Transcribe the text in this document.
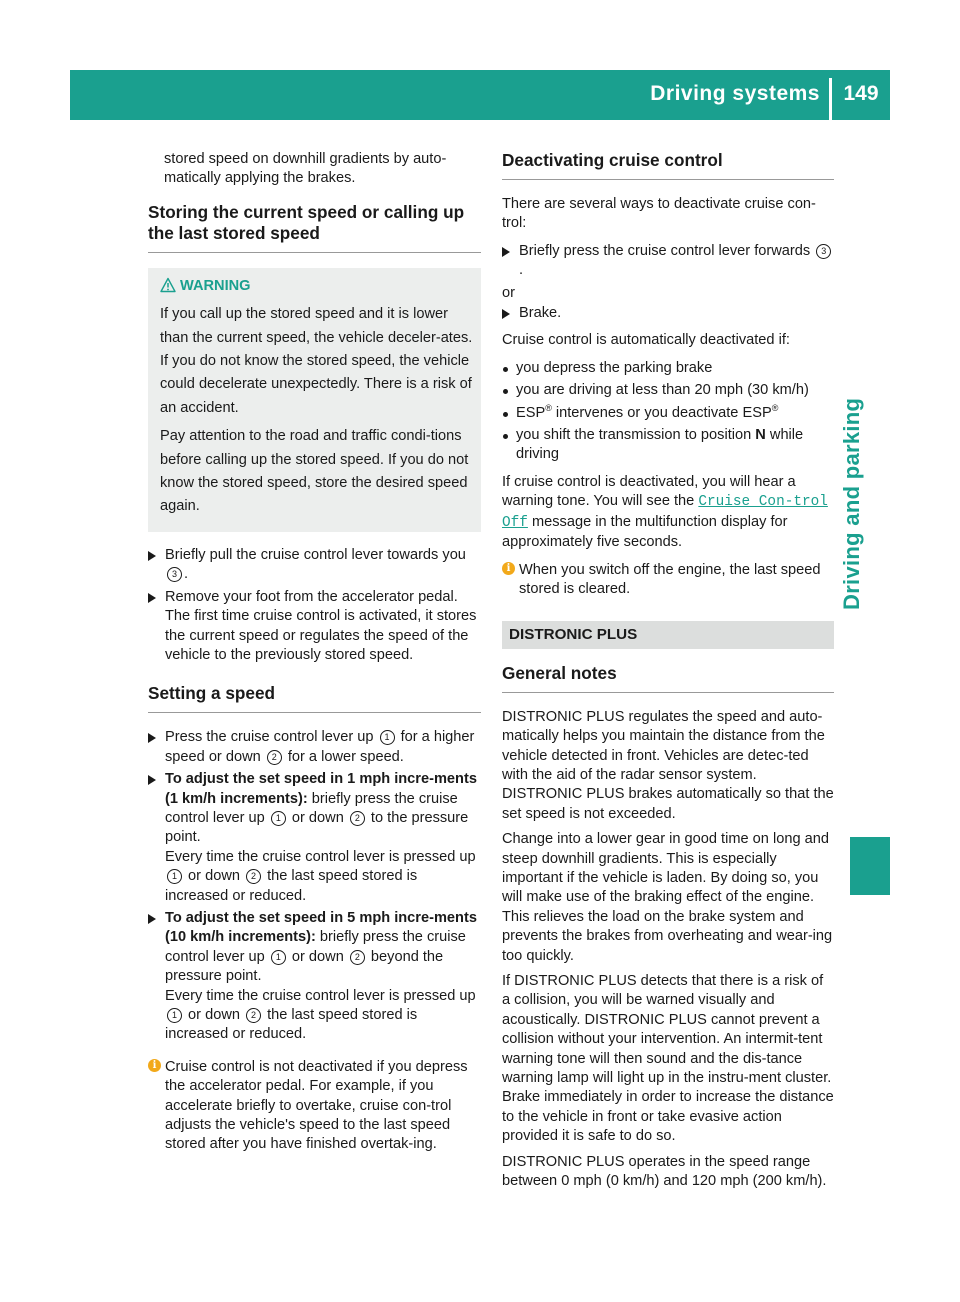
Driving systems	149
Driving and parking

stored speed on downhill gradients by auto-matically applying the brakes.

Storing the current speed or calling up the last stored speed
WARNING

If you call up the stored speed and it is lower than the current speed, the vehicle deceler-ates. If you do not know the stored speed, the vehicle could decelerate unexpectedly. There is a risk of an accident.

Pay attention to the road and traffic condi-tions before calling up the stored speed. If you do not know the stored speed, store the desired speed again.

Briefly pull the cruise control lever towards you 3 .
Remove your foot from the accelerator pedal. The first time cruise control is activated, it stores the current speed or regulates the speed of the vehicle to the previously stored speed.
Setting a speed
Press the cruise control lever up 1 for a higher speed or down 2 for a lower speed.
To adjust the set speed in 1 mph incre-ments (1 km/h increments): briefly press the cruise control lever up 1 or down 2 to the pressure point.
Every time the cruise control lever is pressed up 1 or down 2 the last speed stored is increased or reduced.
To adjust the set speed in 5 mph incre-ments (10 km/h increments): briefly press the cruise control lever up 1 or down 2 beyond the pressure point.
Every time the cruise control lever is pressed up 1 or down 2 the last speed stored is increased or reduced.
i Cruise control is not deactivated if you depress the accelerator pedal. For example, if you accelerate briefly to overtake, cruise con-trol adjusts the vehicle's speed to the last speed stored after you have finished overtak-ing.
Deactivating cruise control

There are several ways to deactivate cruise con-trol:

Briefly press the cruise control lever forwards 3.

or

Brake.

Cruise control is automatically deactivated if:

you depress the parking brake
you are driving at less than 20 mph (30 km/h)
ESP® intervenes or you deactivate ESP®
you shift the transmission to position N while driving

If cruise control is deactivated, you will hear a warning tone. You will see the Cruise Con‐trol Off message in the multifunction display for approximately five seconds.

i When you switch off the engine, the last speed stored is cleared.
DISTRONIC PLUS
General notes

DISTRONIC PLUS regulates the speed and auto-matically helps you maintain the distance from the vehicle detected in front. Vehicles are detec-ted with the aid of the radar sensor system. DISTRONIC PLUS brakes automatically so that the set speed is not exceeded.

Change into a lower gear in good time on long and steep downhill gradients. This is especially important if the vehicle is laden. By doing so, you will make use of the braking effect of the engine. This relieves the load on the brake system and prevents the brakes from overheating and wear-ing too quickly.

If DISTRONIC PLUS detects that there is a risk of a collision, you will be warned visually and acoustically. DISTRONIC PLUS cannot prevent a collision without your intervention. An intermit-tent warning tone will then sound and the dis-tance warning lamp will light up in the instru-ment cluster. Brake immediately in order to increase the distance to the vehicle in front or take evasive action provided it is safe to do so.

DISTRONIC PLUS operates in the speed range between 0 mph (0 km/h) and 120 mph (200 km/h).
